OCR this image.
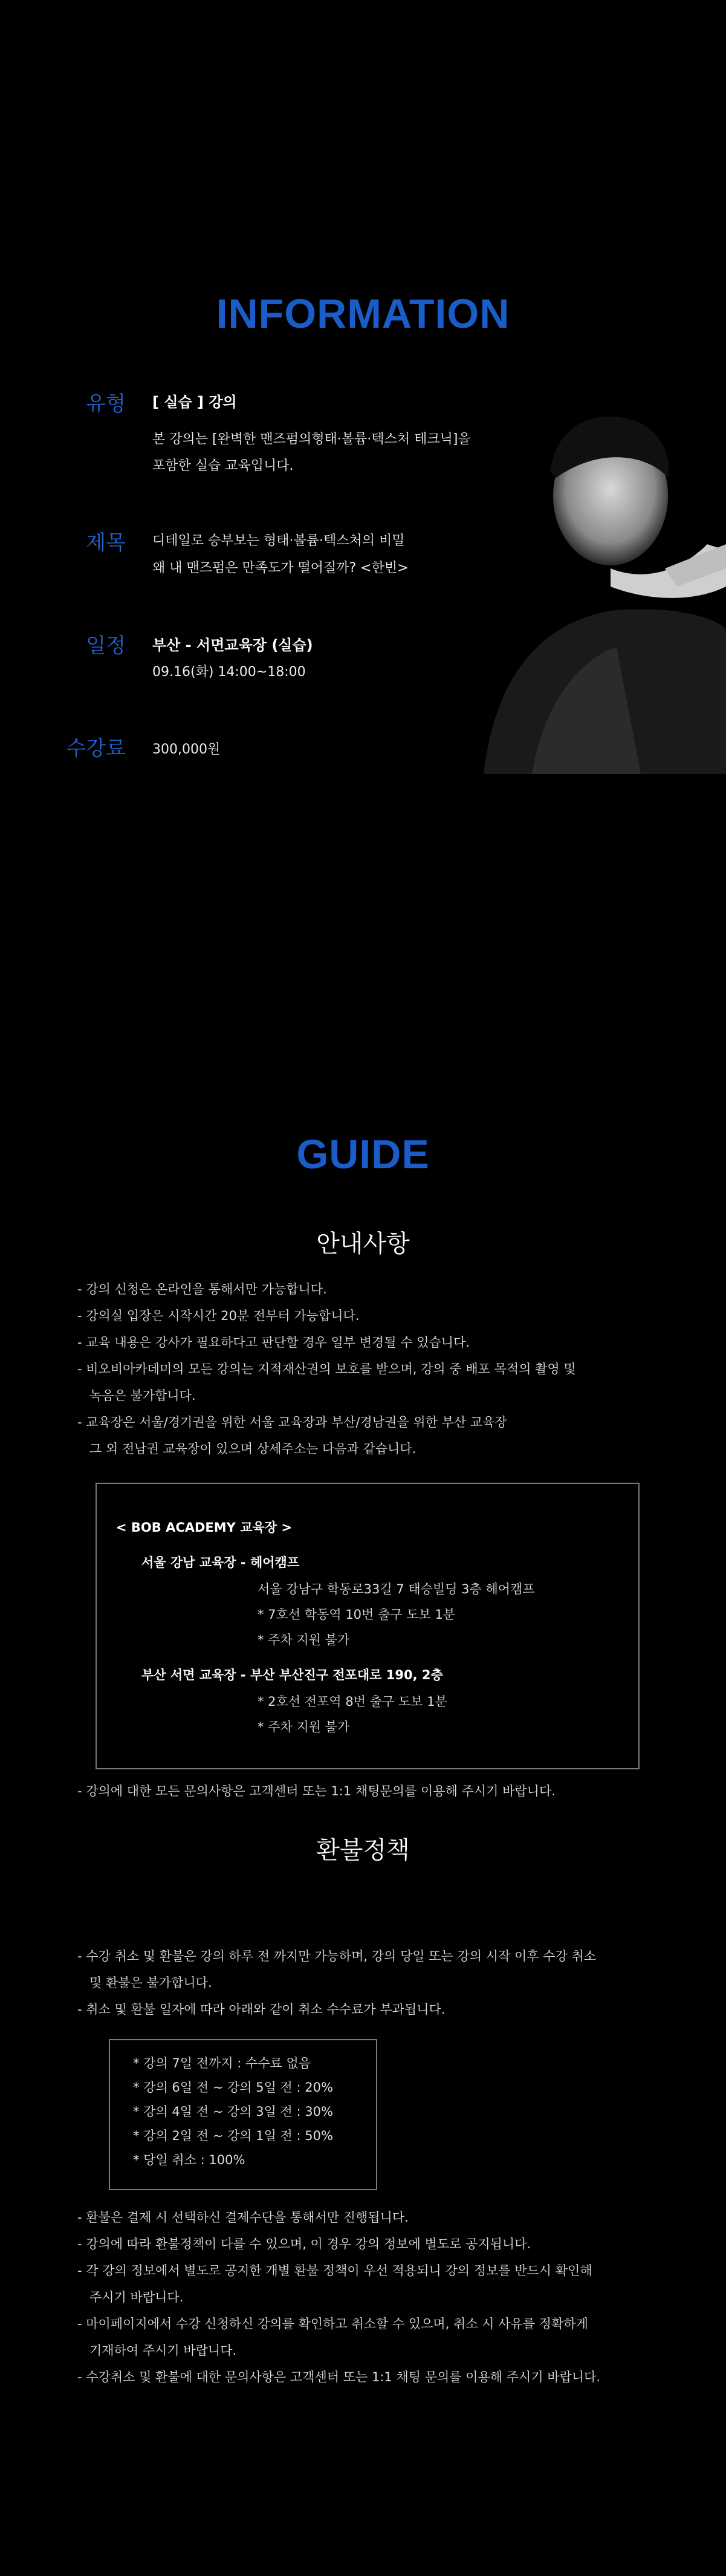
INFORMATION
유형 [ 실습 ] 강의
본 강의는 [완벽한 맨즈펌의형태·볼륨·텍스처 테크닉]을
포함한 실습 교육입니다.
제목 디테일로 승부보는 형태·볼륨·텍스처의 비밀
왜 내 맨즈펌은 만족도가 떨어질까? <한빈>
일정 부산 - 서면교육장 (실습)
09.16(화) 14:00~18:00
수강료 300,000원
GUIDE
안내사항
- 강의 신청은 온라인을 통해서만 가능합니다.
- 강의실 입장은 시작시간 20분 전부터 가능합니다.
- 교육 내용은 강사가 필요하다고 판단할 경우 일부 변경될 수 있습니다.
- 비오비아카데미의 모든 강의는 지적재산권의 보호를 받으며, 강의 중 배포 목적의 촬영 및
녹음은 불가합니다.
- 교육장은 서울/경기권을 위한 서울 교육장과 부산/경남권을 위한 부산 교육장
그 외 전남권 교육장이 있으며 상세주소는 다음과 같습니다.
< BOB ACADEMY 교육장 >
서울 강남 교육장 - 헤어캠프
서울 강남구 학동로33길 7 태승빌딩 3층 헤어캠프
* 7호선 학동역 10번 출구 도보 1분
* 주차 지원 불가
부산 서면 교육장 - 부산 부산진구 전포대로 190, 2층
* 2호선 전포역 8번 출구 도보 1분
* 주차 지원 불가
- 강의에 대한 모든 문의사항은 고객센터 또는 1:1 채팅문의를 이용해 주시기 바랍니다.
환불정책
- 수강 취소 및 환불은 강의 하루 전 까지만 가능하며, 강의 당일 또는 강의 시작 이후 수강 취소
및 환불은 불가합니다.
- 취소 및 환불 일자에 따라 아래와 같이 취소 수수료가 부과됩니다.
* 강의 7일 전까지 : 수수료 없음
* 강의 6일 전 ~ 강의 5일 전 : 20%
* 강의 4일 전 ~ 강의 3일 전 : 30%
* 강의 2일 전 ~ 강의 1일 전 : 50%
* 당일 취소 : 100%
- 환불은 결제 시 선택하신 결제수단을 통해서만 진행됩니다.
- 강의에 따라 환불정책이 다를 수 있으며, 이 경우 강의 정보에 별도로 공지됩니다.
- 각 강의 정보에서 별도로 공지한 개별 환불 정책이 우선 적용되니 강의 정보를 반드시 확인해
주시기 바랍니다.
- 마이페이지에서 수강 신청하신 강의를 확인하고 취소할 수 있으며, 취소 시 사유를 정확하게
기재하여 주시기 바랍니다.
- 수강취소 및 환불에 대한 문의사항은 고객센터 또는 1:1 채팅 문의를 이용해 주시기 바랍니다.
